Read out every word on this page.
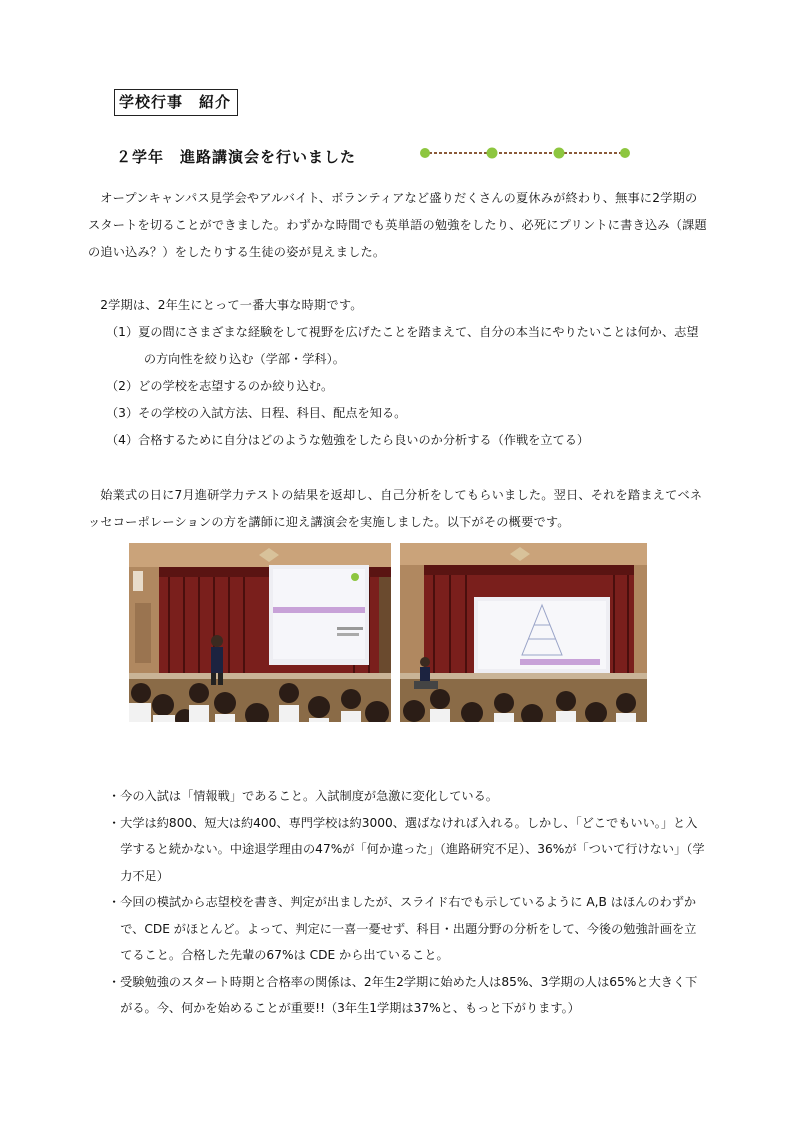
学校行事　紹介
２学年　進路講演会を行いました

オープンキャンパス見学会やアルバイト、ボランティアなど盛りだくさんの夏休みが終わり、無事に2学期のスタートを切ることができました。わずかな時間でも英単語の勉強をしたり、必死にプリントに書き込み（課題の追い込み？）をしたりする生徒の姿が見えました。

2学期は、2年生にとって一番大事な時期です。

（1）夏の間にさまざまな経験をして視野を広げたことを踏まえて、自分の本当にやりたいことは何か、志望の方向性を絞り込む（学部・学科）。

（2）どの学校を志望するのか絞り込む。

（3）その学校の入試方法、日程、科目、配点を知る。

（4）合格するために自分はどのような勉強をしたら良いのか分析する（作戦を立てる）

始業式の日に7月進研学力テストの結果を返却し、自己分析をしてもらいました。翌日、それを踏まえてベネッセコーポレーションの方を講師に迎え講演会を実施しました。以下がその概要です。

・今の入試は「情報戦」であること。入試制度が急激に変化している。

・大学は約800、短大は約400、専門学校は約3000、選ばなければ入れる。しかし、「どこでもいい。」と入学すると続かない。中途退学理由の47%が「何か違った」（進路研究不足）、36%が「ついて行けない」（学力不足）

・今回の模試から志望校を書き、判定が出ましたが、スライド右でも示しているように A,B はほんのわずかで、CDE がほとんど。よって、判定に一喜一憂せず、科目・出題分野の分析をして、今後の勉強計画を立てること。合格した先輩の67%は CDE から出ていること。

・受験勉強のスタート時期と合格率の関係は、2年生2学期に始めた人は85%、3学期の人は65%と大きく下がる。今、何かを始めることが重要!!（3年生1学期は37%と、もっと下がります。）
